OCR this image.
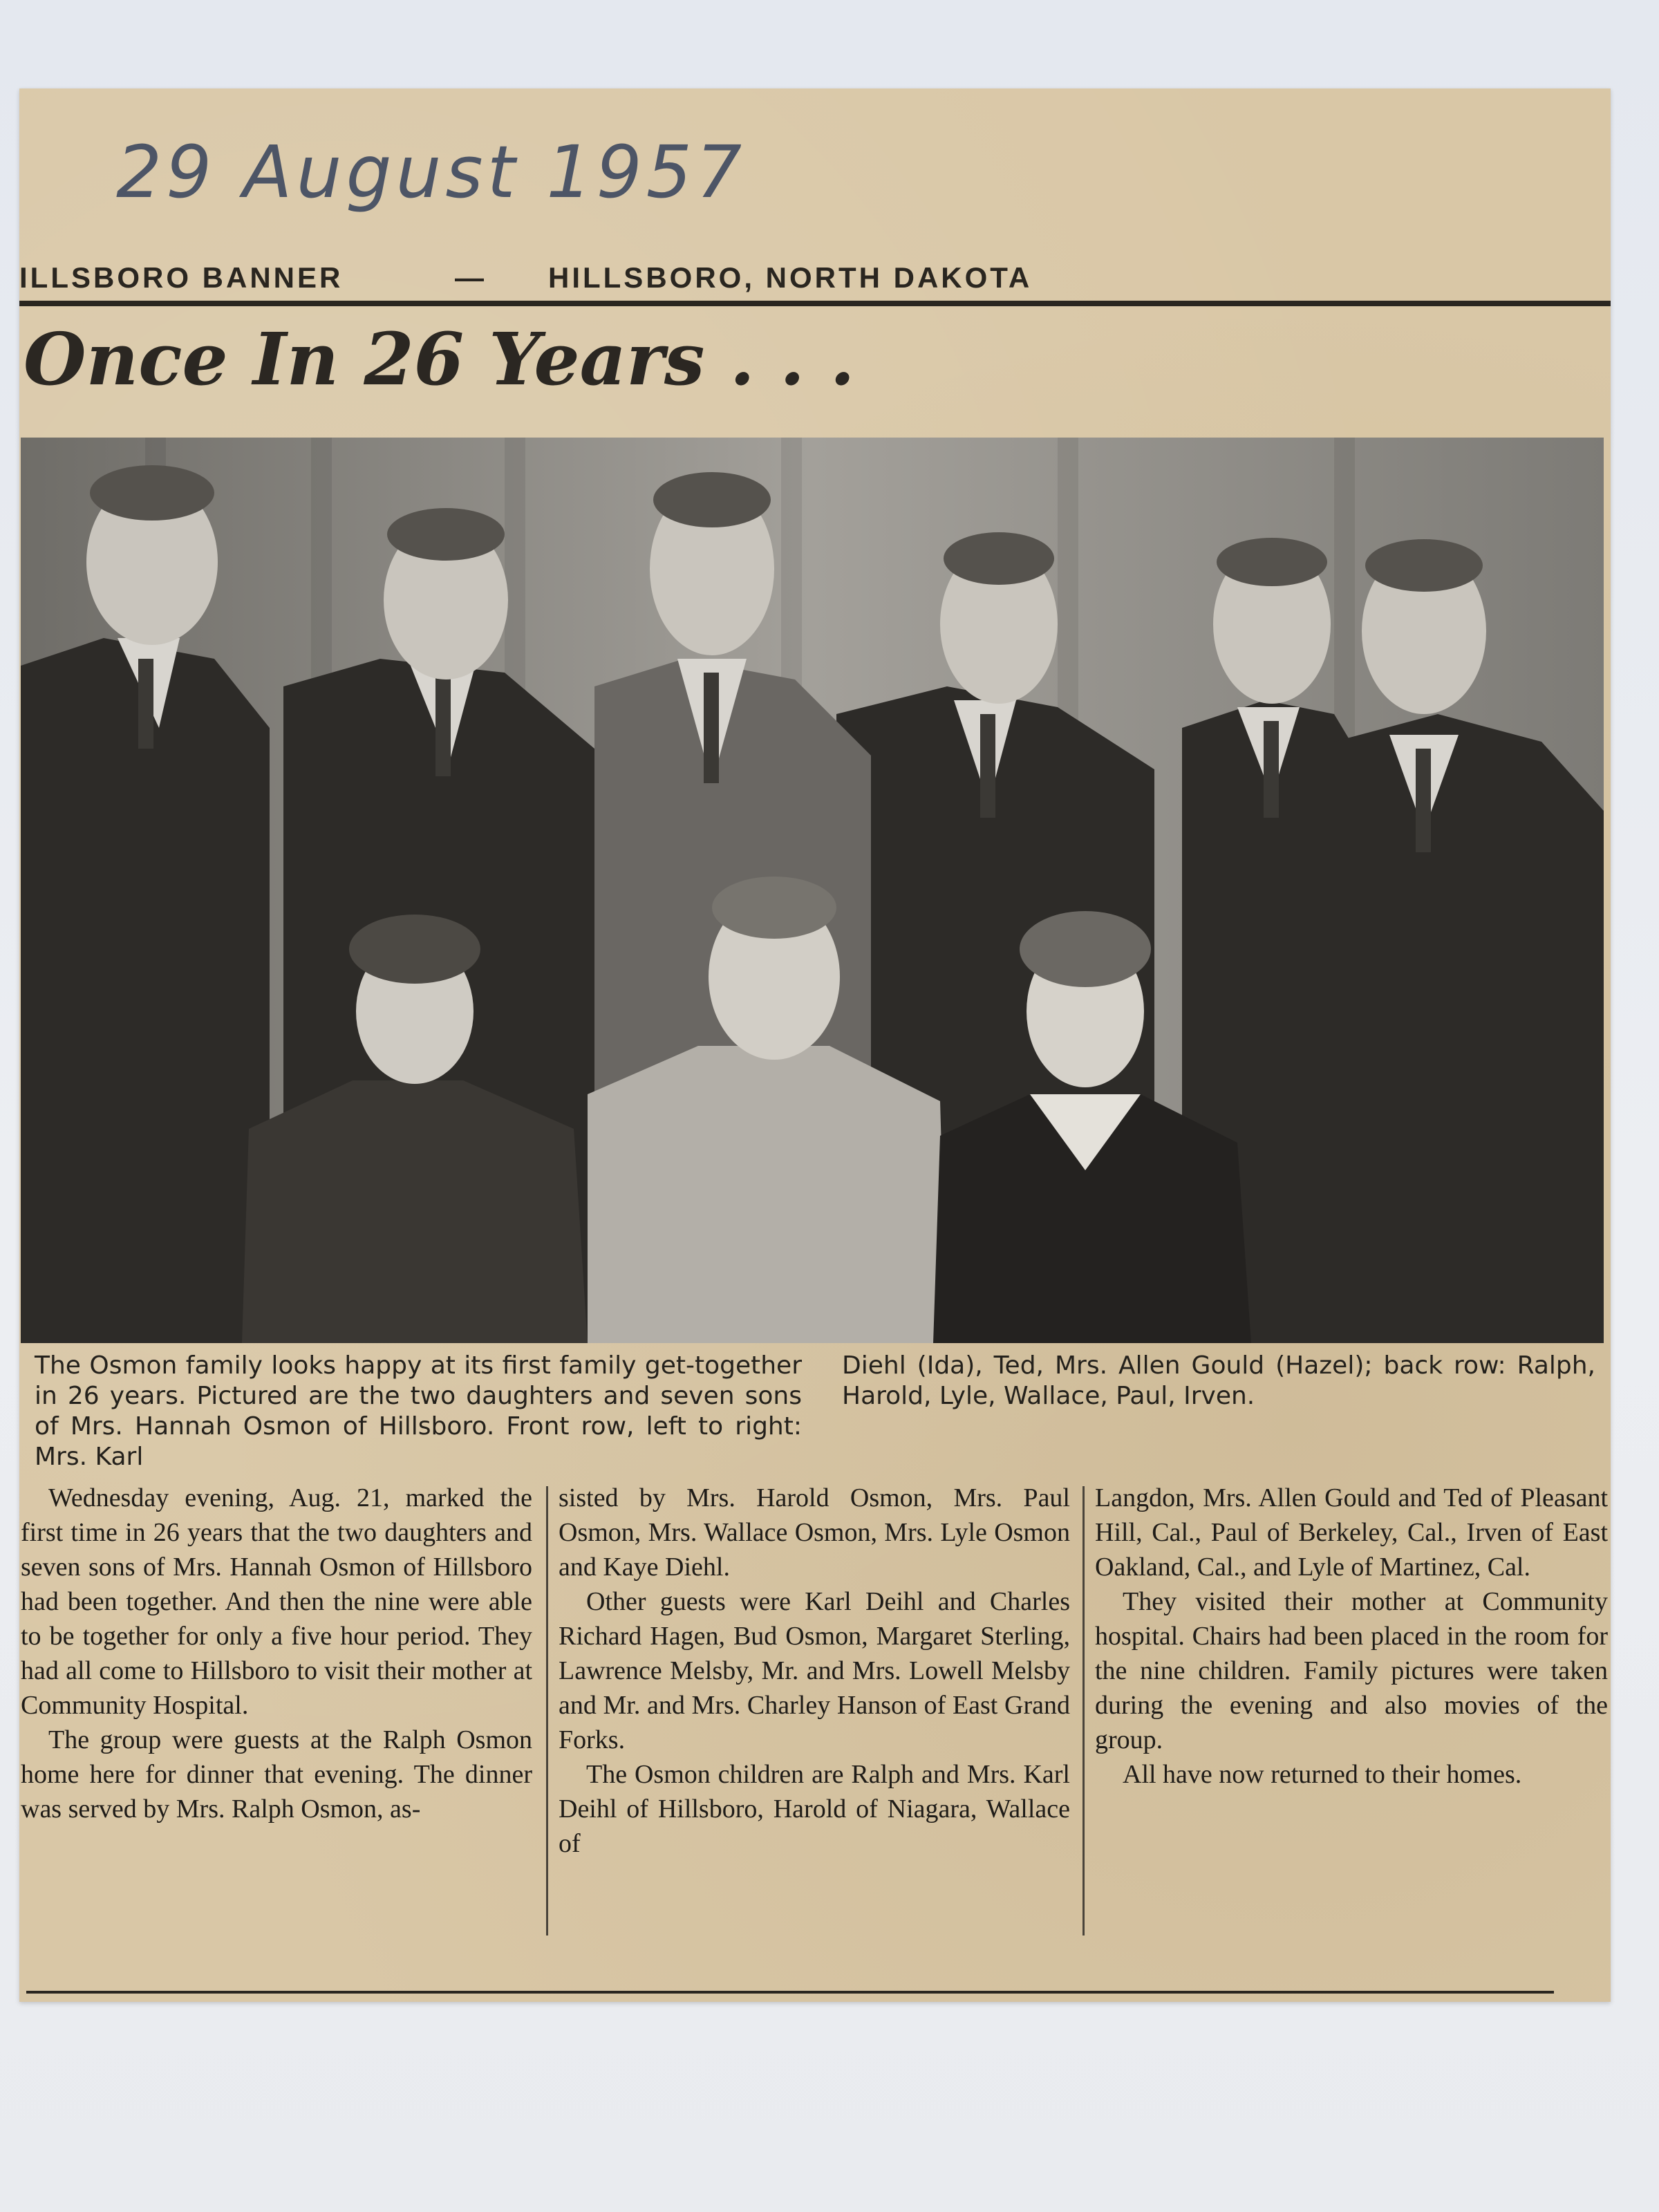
29 August 1957
ILLSBORO BANNER	— HILLSBORO, NORTH DAKOTA
Once In 26 Years . . .
The Osmon family looks happy at its first family get-together in 26 years. Pictured are the two daughters and seven sons of Mrs. Hannah Osmon of Hillsboro. Front row, left to right: Mrs. Karl
Diehl (Ida), Ted, Mrs. Allen Gould (Hazel); back row: Ralph, Harold, Lyle, Wallace, Paul, Irven.

Wednesday evening, Aug. 21, marked the first time in 26 years that the two daughters and seven sons of Mrs. Hannah Osmon of Hillsboro had been together. And then the nine were able to be together for only a five hour period. They had all come to Hillsboro to visit their mother at Community Hospital.

The group were guests at the Ralph Osmon home here for dinner that evening. The dinner was served by Mrs. Ralph Osmon, as-

sisted by Mrs. Harold Osmon, Mrs. Paul Osmon, Mrs. Wallace Osmon, Mrs. Lyle Osmon and Kaye Diehl.

Other guests were Karl Deihl and Charles Richard Hagen, Bud Osmon, Margaret Sterling, Lawrence Melsby, Mr. and Mrs. Lowell Melsby and Mr. and Mrs. Charley Hanson of East Grand Forks.

The Osmon children are Ralph and Mrs. Karl Deihl of Hillsboro, Harold of Niagara, Wallace of

Langdon, Mrs. Allen Gould and Ted of Pleasant Hill, Cal., Paul of Berkeley, Cal., Irven of East Oakland, Cal., and Lyle of Martinez, Cal.

They visited their mother at Community hospital. Chairs had been placed in the room for the nine children. Family pictures were taken during the evening and also movies of the group.

All have now returned to their homes.
